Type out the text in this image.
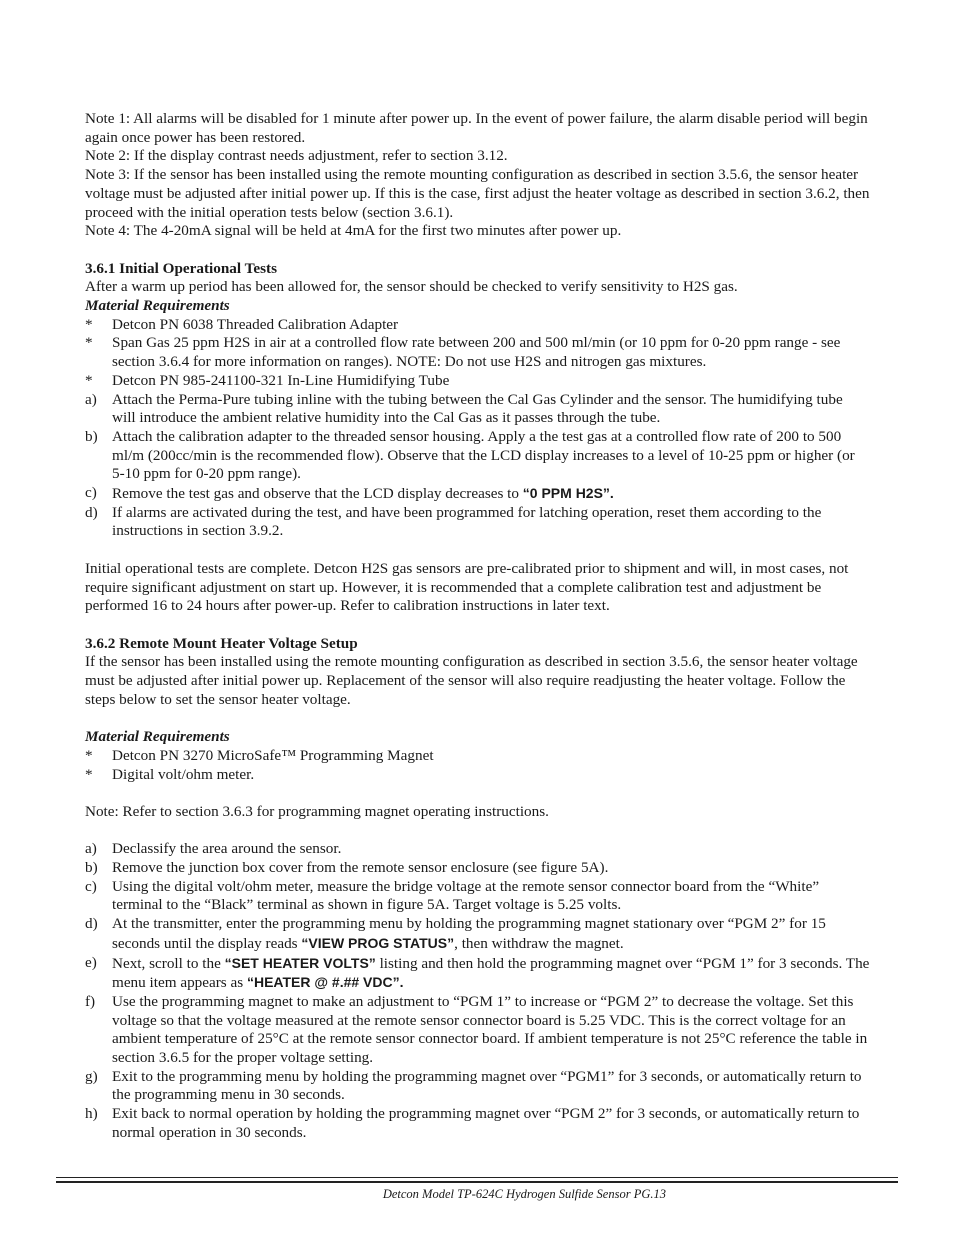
Note 1: All alarms will be disabled for 1 minute after power up. In the event of power failure, the alarm disable period will begin again once power has been restored.

Note 2: If the display contrast needs adjustment, refer to section 3.12.

Note 3: If the sensor has been installed using the remote mounting configuration as described in section 3.5.6, the sensor heater voltage must be adjusted after initial power up. If this is the case, first adjust the heater voltage as described in section 3.6.2, then proceed with the initial operation tests below (section 3.6.1).

Note 4: The 4-20mA signal will be held at 4mA for the first two minutes after power up.

3.6.1 Initial Operational Tests

After a warm up period has been allowed for, the sensor should be checked to verify sensitivity to H2S gas.

Material Requirements

* Detcon PN 6038 Threaded Calibration Adapter
* Span Gas 25 ppm H2S in air at a controlled flow rate between 200 and 500 ml/min (or 10 ppm for 0-20 ppm range - see section 3.6.4 for more information on ranges). NOTE: Do not use H2S and nitrogen gas mixtures.
* Detcon PN 985-241100-321 In-Line Humidifying Tube
a) Attach the Perma-Pure tubing inline with the tubing between the Cal Gas Cylinder and the sensor. The humidifying tube will introduce the ambient relative humidity into the Cal Gas as it passes through the tube.
b) Attach the calibration adapter to the threaded sensor housing. Apply a the test gas at a controlled flow rate of 200 to 500 ml/m (200cc/min is the recommended flow). Observe that the LCD display increases to a level of 10-25 ppm or higher (or 5-10 ppm for 0-20 ppm range).
c) Remove the test gas and observe that the LCD display decreases to “0 PPM H2S”.
d) If alarms are activated during the test, and have been programmed for latching operation, reset them according to the instructions in section 3.9.2.

Initial operational tests are complete. Detcon H2S gas sensors are pre-calibrated prior to shipment and will, in most cases, not require significant adjustment on start up. However, it is recommended that a complete calibration test and adjustment be performed 16 to 24 hours after power-up. Refer to calibration instructions in later text.

3.6.2 Remote Mount Heater Voltage Setup

If the sensor has been installed using the remote mounting configuration as described in section 3.5.6, the sensor heater voltage must be adjusted after initial power up. Replacement of the sensor will also require readjusting the heater voltage. Follow the steps below to set the sensor heater voltage.

Material Requirements

* Detcon PN 3270 MicroSafe™ Programming Magnet
* Digital volt/ohm meter.

Note: Refer to section 3.6.3 for programming magnet operating instructions.

a) Declassify the area around the sensor.
b) Remove the junction box cover from the remote sensor enclosure (see figure 5A).
c) Using the digital volt/ohm meter, measure the bridge voltage at the remote sensor connector board from the “White” terminal to the “Black” terminal as shown in figure 5A. Target voltage is 5.25 volts.
d) At the transmitter, enter the programming menu by holding the programming magnet stationary over “PGM 2” for 15 seconds until the display reads “VIEW PROG STATUS”, then withdraw the magnet.
e) Next, scroll to the “SET HEATER VOLTS” listing and then hold the programming magnet over “PGM 1” for 3 seconds. The menu item appears as “HEATER @ #.## VDC”.
f) Use the programming magnet to make an adjustment to “PGM 1” to increase or “PGM 2” to decrease the voltage. Set this voltage so that the voltage measured at the remote sensor connector board is 5.25 VDC. This is the correct voltage for an ambient temperature of 25°C at the remote sensor connector board. If ambient temperature is not 25°C reference the table in section 3.6.5 for the proper voltage setting.
g) Exit to the programming menu by holding the programming magnet over “PGM1” for 3 seconds, or automatically return to the programming menu in 30 seconds.
h) Exit back to normal operation by holding the programming magnet over “PGM 2” for 3 seconds, or automatically return to normal operation in 30 seconds.
Detcon Model TP-624C Hydrogen Sulfide Sensor PG.13
